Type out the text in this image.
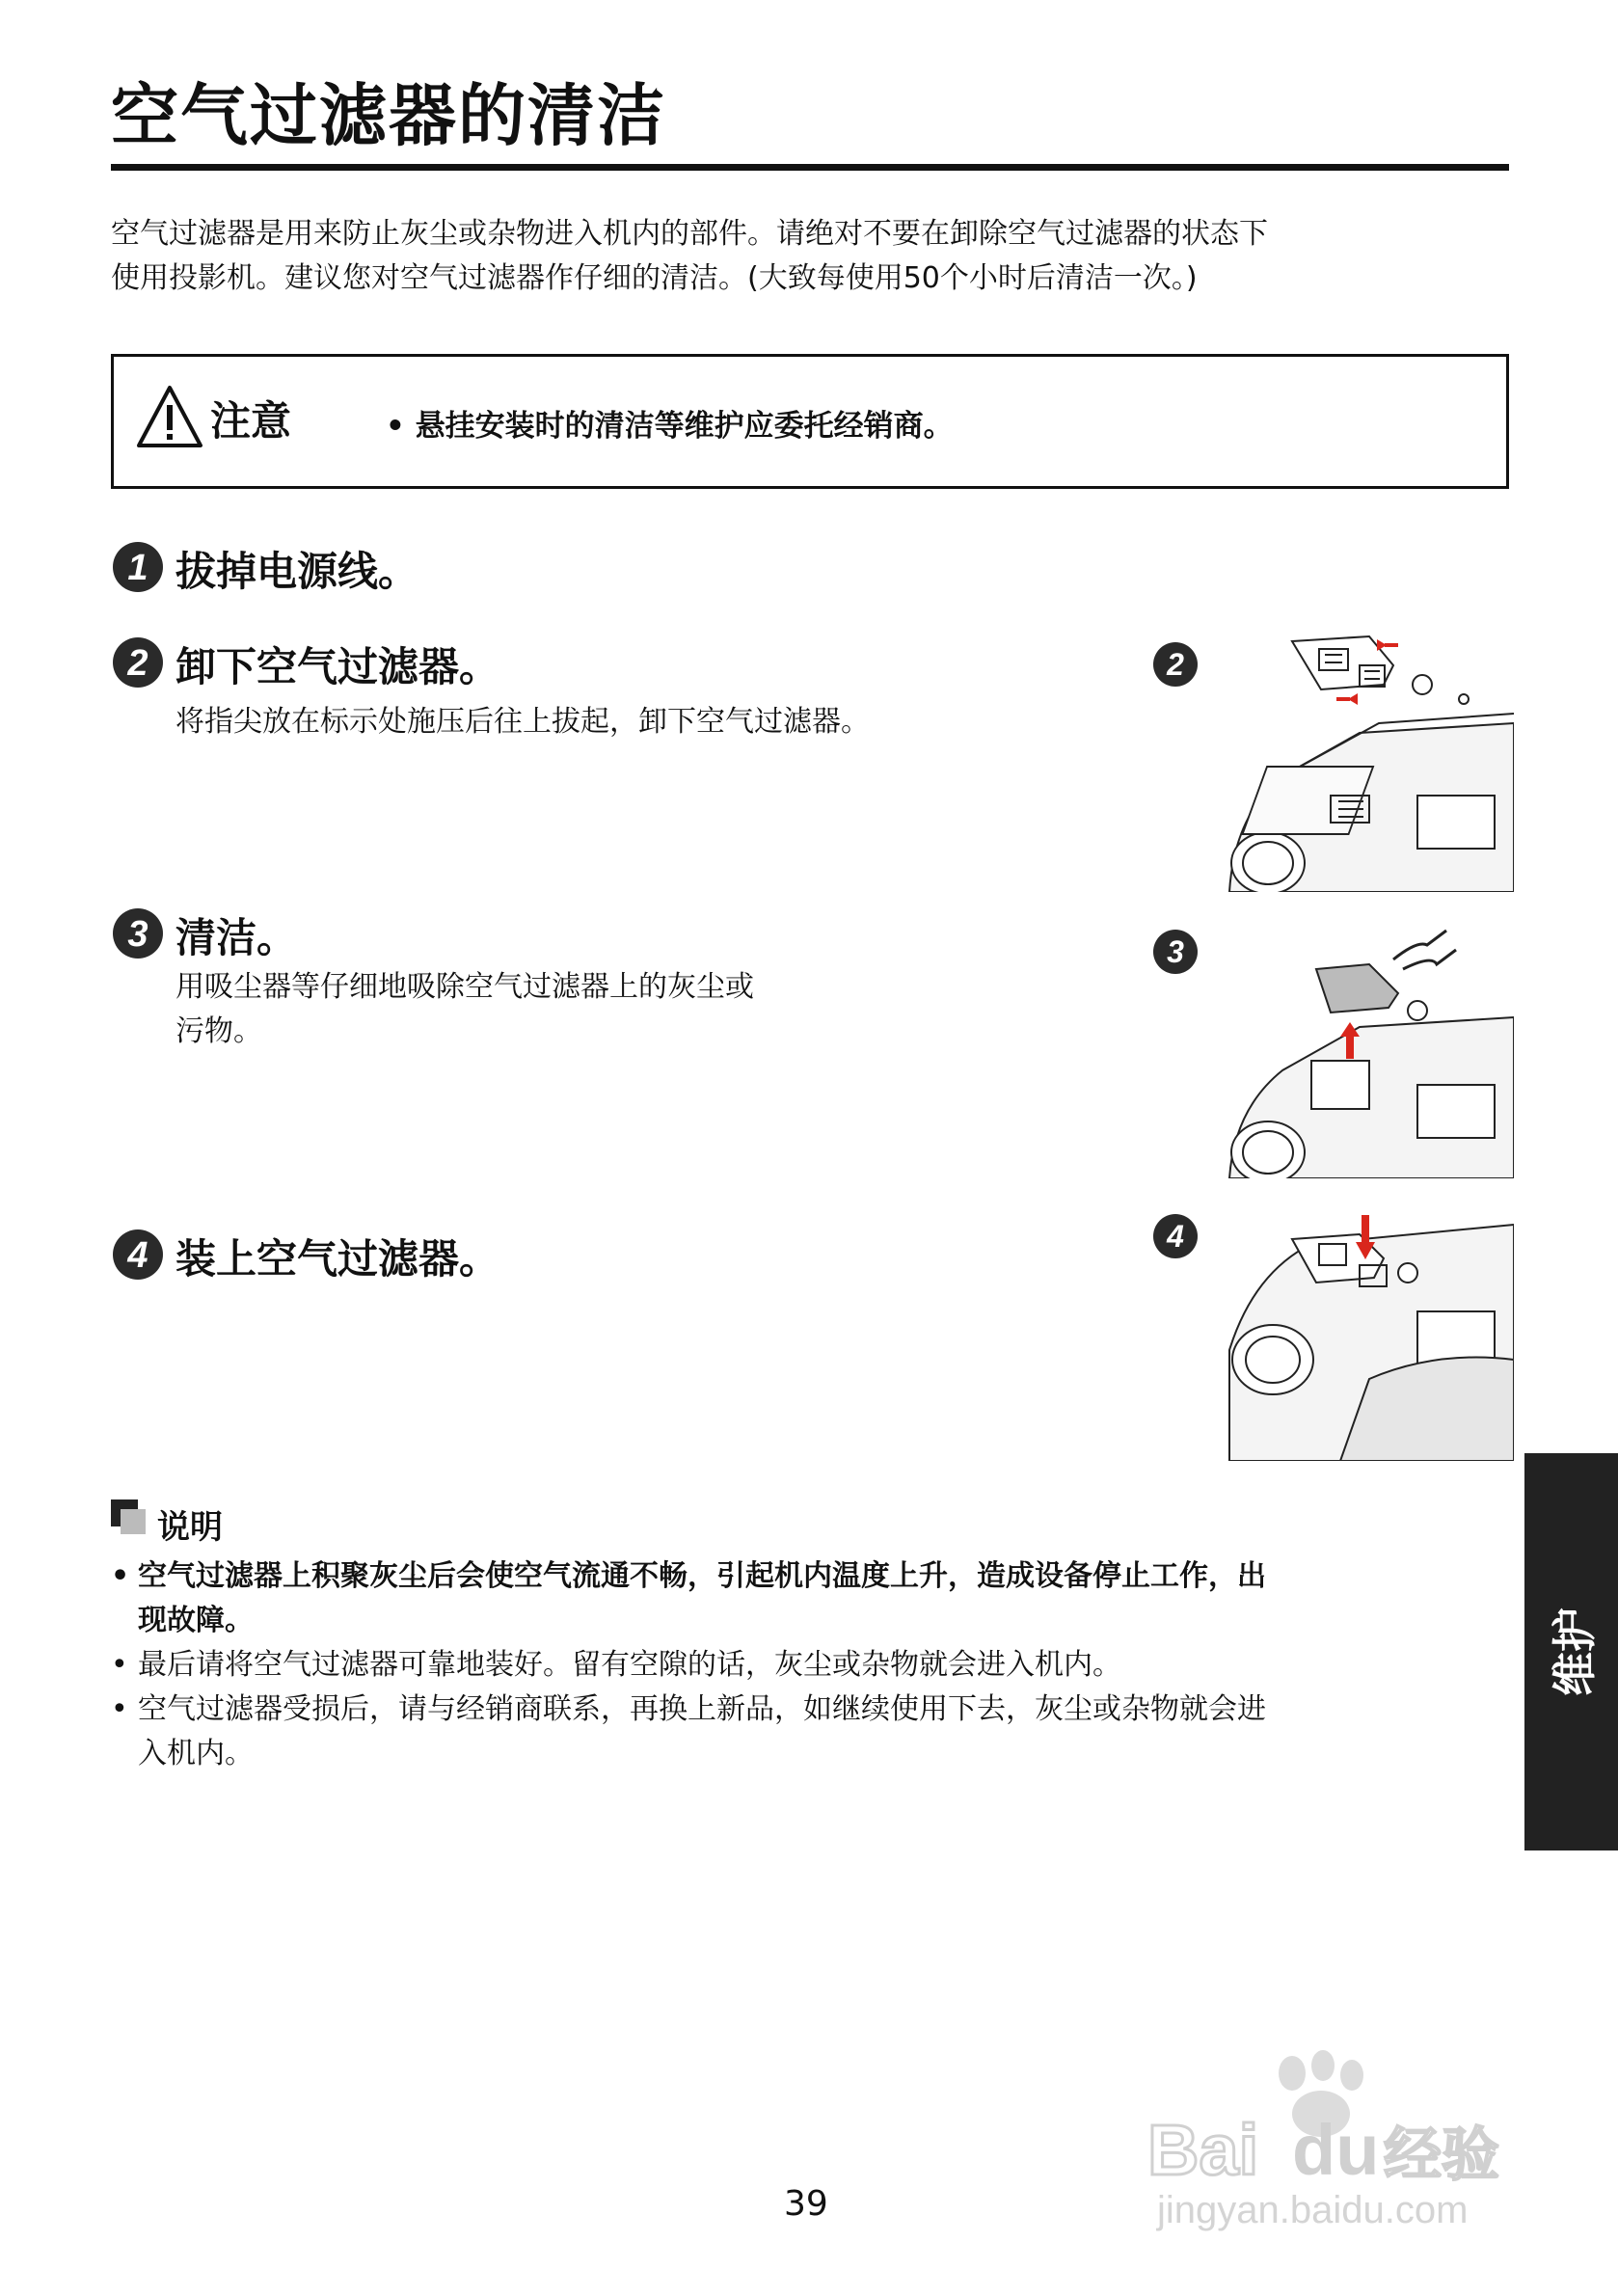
空气过滤器的清洁
空气过滤器是用来防止灰尘或杂物进入机内的部件。请绝对不要在卸除空气过滤器的状态下
使用投影机。建议您对空气过滤器作仔细的清洁。(大致每使用50个小时后清洁一次。)
注意	• 悬挂安装时的清洁等维护应委托经销商。
1 拔掉电源线。
2 卸下空气过滤器。
将指尖放在标示处施压后往上拔起，卸下空气过滤器。
3 清洁。
用吸尘器等仔细地吸除空气过滤器上的灰尘或
污物。
4 装上空气过滤器。
2
3
4
说明
• 空气过滤器上积聚灰尘后会使空气流通不畅，引起机内温度上升，造成设备停止工作，出
现故障。
• 最后请将空气过滤器可靠地装好。留有空隙的话，灰尘或杂物就会进入机内。
• 空气过滤器受损后，请与经销商联系，再换上新品，如继续使用下去，灰尘或杂物就会进
入机内。
维护
Bai du 经验
jingyan.baidu.com
39
